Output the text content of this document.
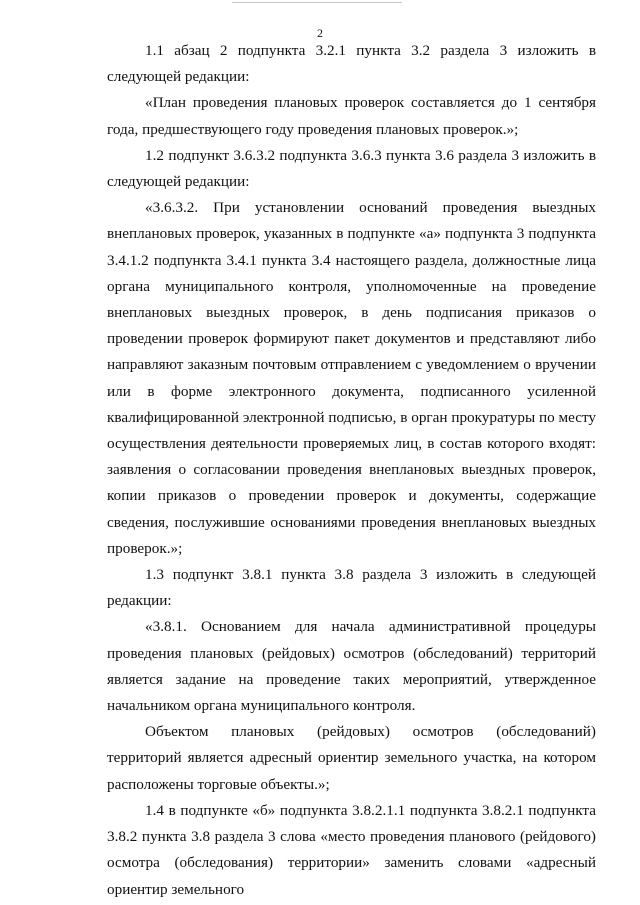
2

1.1 абзац 2 подпункта 3.2.1 пункта 3.2 раздела 3 изложить в следующей редакции:

«План проведения плановых проверок составляется до 1 сентября года, предшествующего году проведения плановых проверок.»;

1.2 подпункт 3.6.3.2 подпункта 3.6.3 пункта 3.6 раздела 3 изложить в следующей редакции:

«3.6.3.2. При установлении оснований проведения выездных внеплановых проверок, указанных в подпункте «а» подпункта 3 подпункта 3.4.1.2 подпункта 3.4.1 пункта 3.4 настоящего раздела, должностные лица органа муниципального контроля, уполномоченные на проведение внеплановых выездных проверок, в день подписания приказов о проведении проверок формируют пакет документов и представляют либо направляют заказным почтовым отправлением с уведомлением о вручении или в форме электронного документа, подписанного усиленной квалифицированной электронной подписью, в орган прокуратуры по месту осуществления деятельности проверяемых лиц, в состав которого входят: заявления о согласовании проведения внеплановых выездных проверок, копии приказов о проведении проверок и документы, содержащие сведения, послужившие основаниями проведения внеплановых выездных проверок.»;

1.3 подпункт 3.8.1 пункта 3.8 раздела 3 изложить в следующей редакции:

«3.8.1. Основанием для начала административной процедуры проведения плановых (рейдовых) осмотров (обследований) территорий является задание на проведение таких мероприятий, утвержденное начальником органа муниципального контроля.

Объектом плановых (рейдовых) осмотров (обследований) территорий является адресный ориентир земельного участка, на котором расположены торговые объекты.»;

1.4 в подпункте «б» подпункта 3.8.2.1.1 подпункта 3.8.2.1 подпункта 3.8.2 пункта 3.8 раздела 3 слова «место проведения планового (рейдового) осмотра (обследования) территории» заменить словами «адресный ориентир земельного
